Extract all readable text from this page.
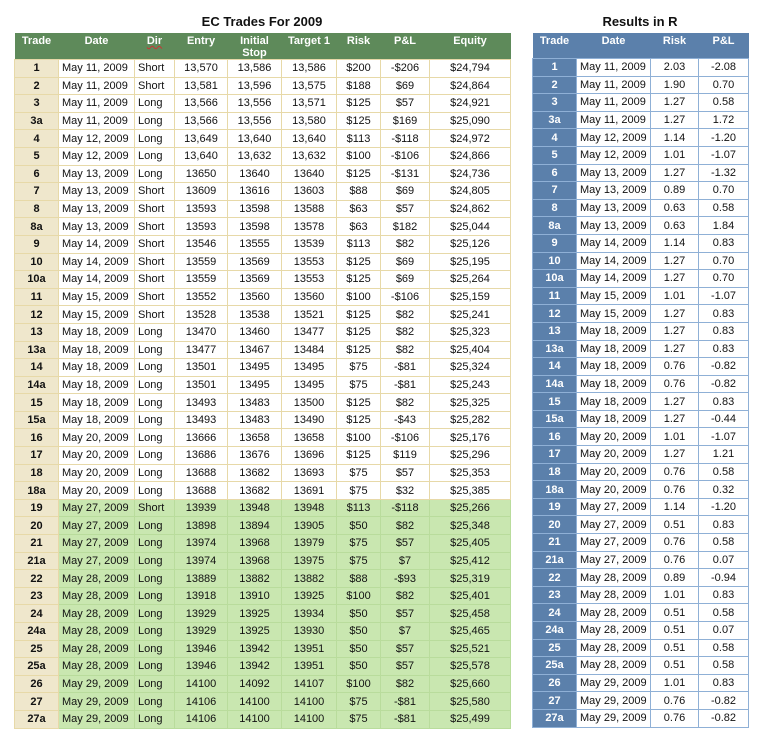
EC Trades For 2009	Results in R
Trade	Date	Dir	Entry	Initial Stop	Target 1	Risk	P&L	Equity
1	May 11, 2009	Short	13,570	13,586	13,586	$200	-$206	$24,794
2	May 11, 2009	Short	13,581	13,596	13,575	$188	$69	$24,864
3	May 11, 2009	Long	13,566	13,556	13,571	$125	$57	$24,921
3a	May 11, 2009	Long	13,566	13,556	13,580	$125	$169	$25,090
4	May 12, 2009	Long	13,649	13,640	13,640	$113	-$118	$24,972
5	May 12, 2009	Long	13,640	13,632	13,632	$100	-$106	$24,866
6	May 13, 2009	Long	13650	13640	13640	$125	-$131	$24,736
7	May 13, 2009	Short	13609	13616	13603	$88	$69	$24,805
8	May 13, 2009	Short	13593	13598	13588	$63	$57	$24,862
8a	May 13, 2009	Short	13593	13598	13578	$63	$182	$25,044
9	May 14, 2009	Short	13546	13555	13539	$113	$82	$25,126
10	May 14, 2009	Short	13559	13569	13553	$125	$69	$25,195
10a	May 14, 2009	Short	13559	13569	13553	$125	$69	$25,264
11	May 15, 2009	Short	13552	13560	13560	$100	-$106	$25,159
12	May 15, 2009	Short	13528	13538	13521	$125	$82	$25,241
13	May 18, 2009	Long	13470	13460	13477	$125	$82	$25,323
13a	May 18, 2009	Long	13477	13467	13484	$125	$82	$25,404
14	May 18, 2009	Long	13501	13495	13495	$75	-$81	$25,324
14a	May 18, 2009	Long	13501	13495	13495	$75	-$81	$25,243
15	May 18, 2009	Long	13493	13483	13500	$125	$82	$25,325
15a	May 18, 2009	Long	13493	13483	13490	$125	-$43	$25,282
16	May 20, 2009	Long	13666	13658	13658	$100	-$106	$25,176
17	May 20, 2009	Long	13686	13676	13696	$125	$119	$25,296
18	May 20, 2009	Long	13688	13682	13693	$75	$57	$25,353
18a	May 20, 2009	Long	13688	13682	13691	$75	$32	$25,385
19	May 27, 2009	Short	13939	13948	13948	$113	-$118	$25,266
20	May 27, 2009	Long	13898	13894	13905	$50	$82	$25,348
21	May 27, 2009	Long	13974	13968	13979	$75	$57	$25,405
21a	May 27, 2009	Long	13974	13968	13975	$75	$7	$25,412
22	May 28, 2009	Long	13889	13882	13882	$88	-$93	$25,319
23	May 28, 2009	Long	13918	13910	13925	$100	$82	$25,401
24	May 28, 2009	Long	13929	13925	13934	$50	$57	$25,458
24a	May 28, 2009	Long	13929	13925	13930	$50	$7	$25,465
25	May 28, 2009	Long	13946	13942	13951	$50	$57	$25,521
25a	May 28, 2009	Long	13946	13942	13951	$50	$57	$25,578
26	May 29, 2009	Long	14100	14092	14107	$100	$82	$25,660
27	May 29, 2009	Long	14106	14100	14100	$75	-$81	$25,580
27a	May 29, 2009	Long	14106	14100	14100	$75	-$81	$25,499
Trade	Date	Risk	P&L
1	May 11, 2009	2.03	-2.08
2	May 11, 2009	1.90	0.70
3	May 11, 2009	1.27	0.58
3a	May 11, 2009	1.27	1.72
4	May 12, 2009	1.14	-1.20
5	May 12, 2009	1.01	-1.07
6	May 13, 2009	1.27	-1.32
7	May 13, 2009	0.89	0.70
8	May 13, 2009	0.63	0.58
8a	May 13, 2009	0.63	1.84
9	May 14, 2009	1.14	0.83
10	May 14, 2009	1.27	0.70
10a	May 14, 2009	1.27	0.70
11	May 15, 2009	1.01	-1.07
12	May 15, 2009	1.27	0.83
13	May 18, 2009	1.27	0.83
13a	May 18, 2009	1.27	0.83
14	May 18, 2009	0.76	-0.82
14a	May 18, 2009	0.76	-0.82
15	May 18, 2009	1.27	0.83
15a	May 18, 2009	1.27	-0.44
16	May 20, 2009	1.01	-1.07
17	May 20, 2009	1.27	1.21
18	May 20, 2009	0.76	0.58
18a	May 20, 2009	0.76	0.32
19	May 27, 2009	1.14	-1.20
20	May 27, 2009	0.51	0.83
21	May 27, 2009	0.76	0.58
21a	May 27, 2009	0.76	0.07
22	May 28, 2009	0.89	-0.94
23	May 28, 2009	1.01	0.83
24	May 28, 2009	0.51	0.58
24a	May 28, 2009	0.51	0.07
25	May 28, 2009	0.51	0.58
25a	May 28, 2009	0.51	0.58
26	May 29, 2009	1.01	0.83
27	May 29, 2009	0.76	-0.82
27a	May 29, 2009	0.76	-0.82
